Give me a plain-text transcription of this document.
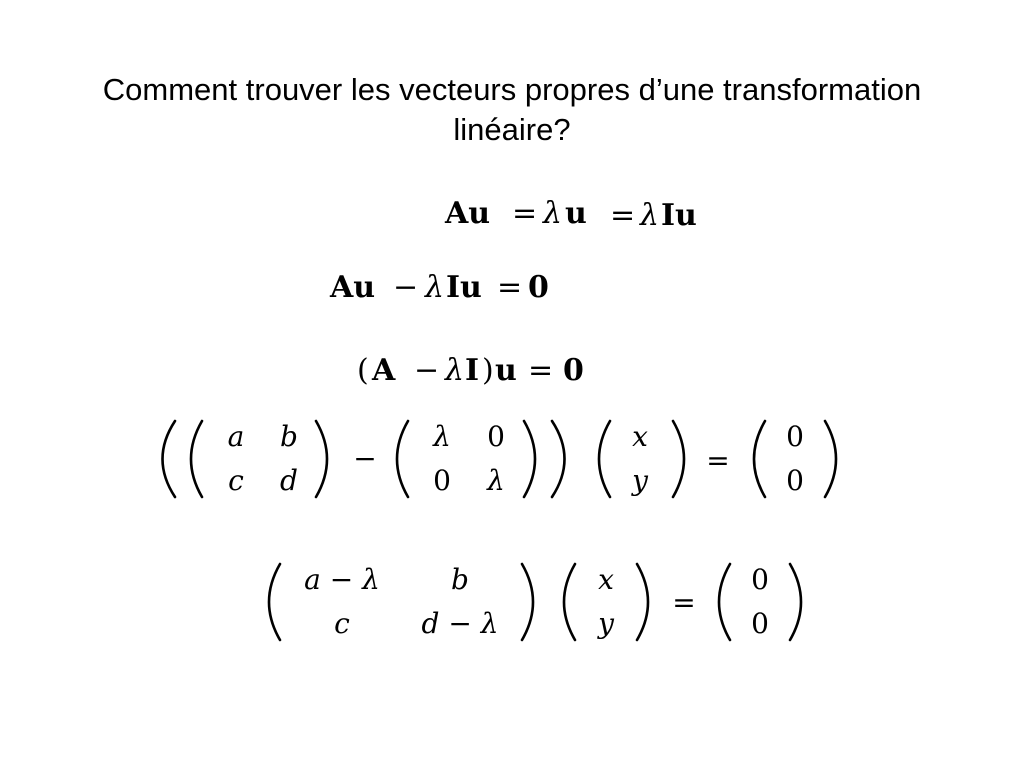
Comment trouver les vecteurs propres d’une transformation
linéaire?
Au = λ u = λ Iu
Au − λ Iu = 0
( A − λ I ) u = 0
a b
c d
−
λ 0
0 λ
x
y
=
0
0
a − λ	b
c	d − λ
x
y
=
0
0
